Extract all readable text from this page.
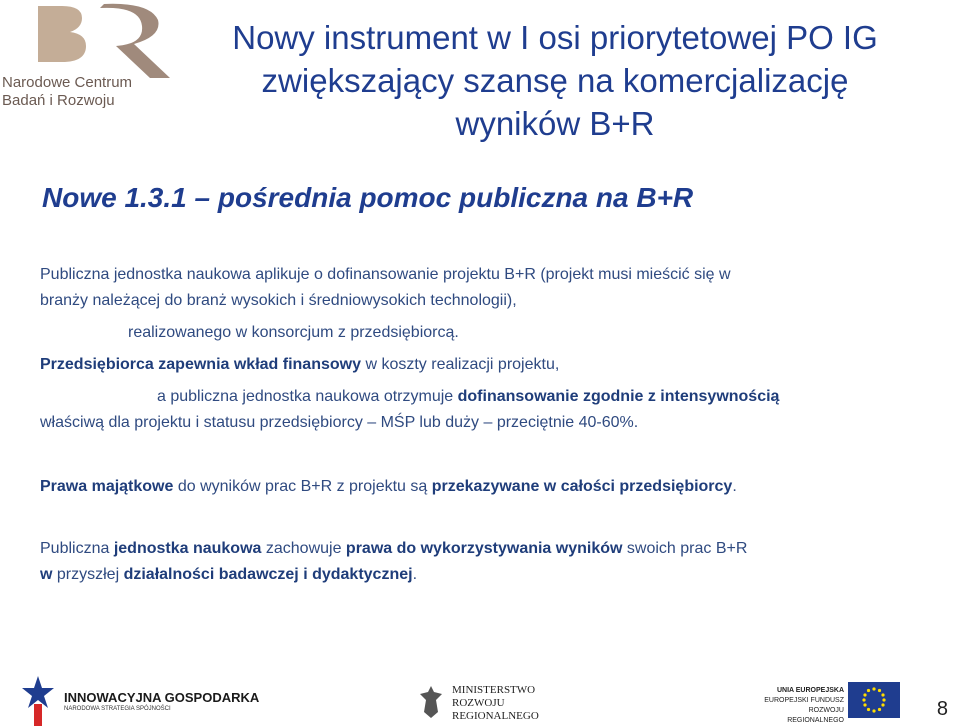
Narodowe Centrum
Badań i Rozwoju
Nowy instrument w I osi priorytetowej PO IG
zwiększający szansę na komercjalizację
wyników B+R
Nowe 1.3.1 – pośrednia pomoc publiczna na B+R
Publiczna jednostka naukowa aplikuje o dofinansowanie projektu B+R (projekt musi mieścić się w
branży należącej do branż wysokich i średniowysokich technologii),
realizowanego w konsorcjum z przedsiębiorcą.
Przedsiębiorca zapewnia wkład finansowy w koszty realizacji projektu,
a publiczna jednostka naukowa otrzymuje dofinansowanie zgodnie z intensywnością
właściwą dla projektu i statusu przedsiębiorcy – MŚP lub duży – przeciętnie 40-60%.
Prawa majątkowe do wyników prac B+R z projektu są przekazywane w całości przedsiębiorcy.
Publiczna jednostka naukowa zachowuje prawa do wykorzystywania wyników swoich prac B+R
w przyszłej działalności badawczej i dydaktycznej.
INNOWACYJNA GOSPODARKA
NARODOWA STRATEGIA SPÓJNOŚCI
MINISTERSTWO
ROZWOJU
REGIONALNEGO
UNIA EUROPEJSKA
EUROPEJSKI FUNDUSZ
ROZWOJU REGIONALNEGO
8
